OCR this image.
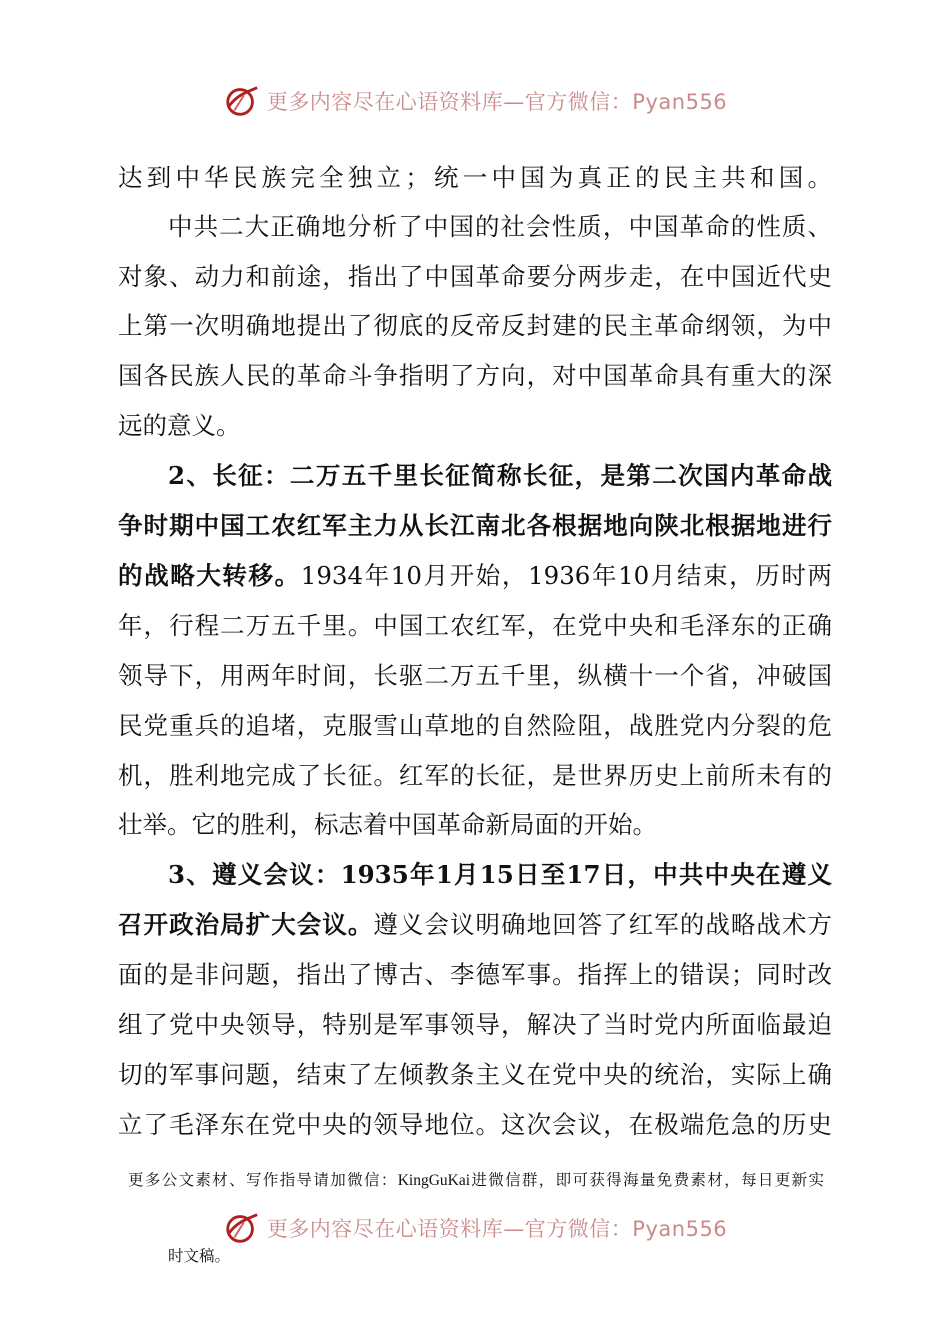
更多内容尽在心语资料库—官方微信：Pyan556
达到中华民族完全独立；统一中国为真正的民主共和国。
中共二大正确地分析了中国的社会性质，中国革命的性质、
对象、动力和前途，指出了中国革命要分两步走，在中国近代史
上第一次明确地提出了彻底的反帝反封建的民主革命纲领，为中
国各民族人民的革命斗争指明了方向，对中国革命具有重大的深
远的意义。
2、长征：二万五千里长征简称长征，是第二次国内革命战
争时期中国工农红军主力从长江南北各根据地向陕北根据地进行
的战略大转移。1934年10月开始，1936年10月结束，历时两
年，行程二万五千里。中国工农红军，在党中央和毛泽东的正确
领导下，用两年时间，长驱二万五千里，纵横十一个省，冲破国
民党重兵的追堵，克服雪山草地的自然险阻，战胜党内分裂的危
机，胜利地完成了长征。红军的长征，是世界历史上前所未有的
壮举。它的胜利，标志着中国革命新局面的开始。
3、遵义会议：1935年1月15日至17日，中共中央在遵义
召开政治局扩大会议。遵义会议明确地回答了红军的战略战术方
面的是非问题，指出了博古、李德军事。指挥上的错误；同时改
组了党中央领导，特别是军事领导，解决了当时党内所面临最迫
切的军事问题，结束了左倾教条主义在党中央的统治，实际上确
立了毛泽东在党中央的领导地位。这次会议，在极端危急的历史
更多公文素材、写作指导请加微信：KingGuKai进微信群，即可获得海量免费素材，每日更新实
更多内容尽在心语资料库—官方微信：Pyan556
时文稿。
